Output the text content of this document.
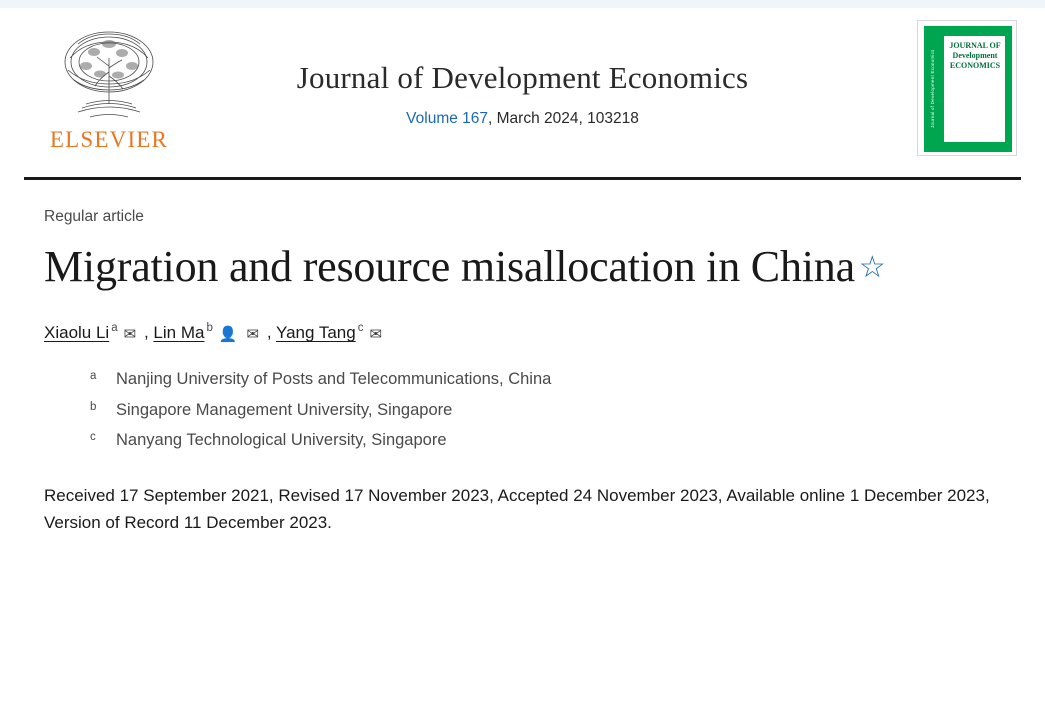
ELSEVIER
Journal of Development Economics
Volume 167, March 2024, 103218	Journal of Development Economics
JOURNAL OF
Development
ECONOMICS
Regular article
Migration and resource misallocation in China ☆
Xiaolu Li $^a$ ✉ , Lin Ma $^b$ 👤 ✉ , Yang Tang $^c$ ✉
a Nanjing University of Posts and Telecommunications, China
b Singapore Management University, Singapore
c Nanyang Technological University, Singapore
Received 17 September 2021, Revised 17 November 2023, Accepted 24 November 2023, Available online 1 December 2023, Version of Record 11 December 2023.
